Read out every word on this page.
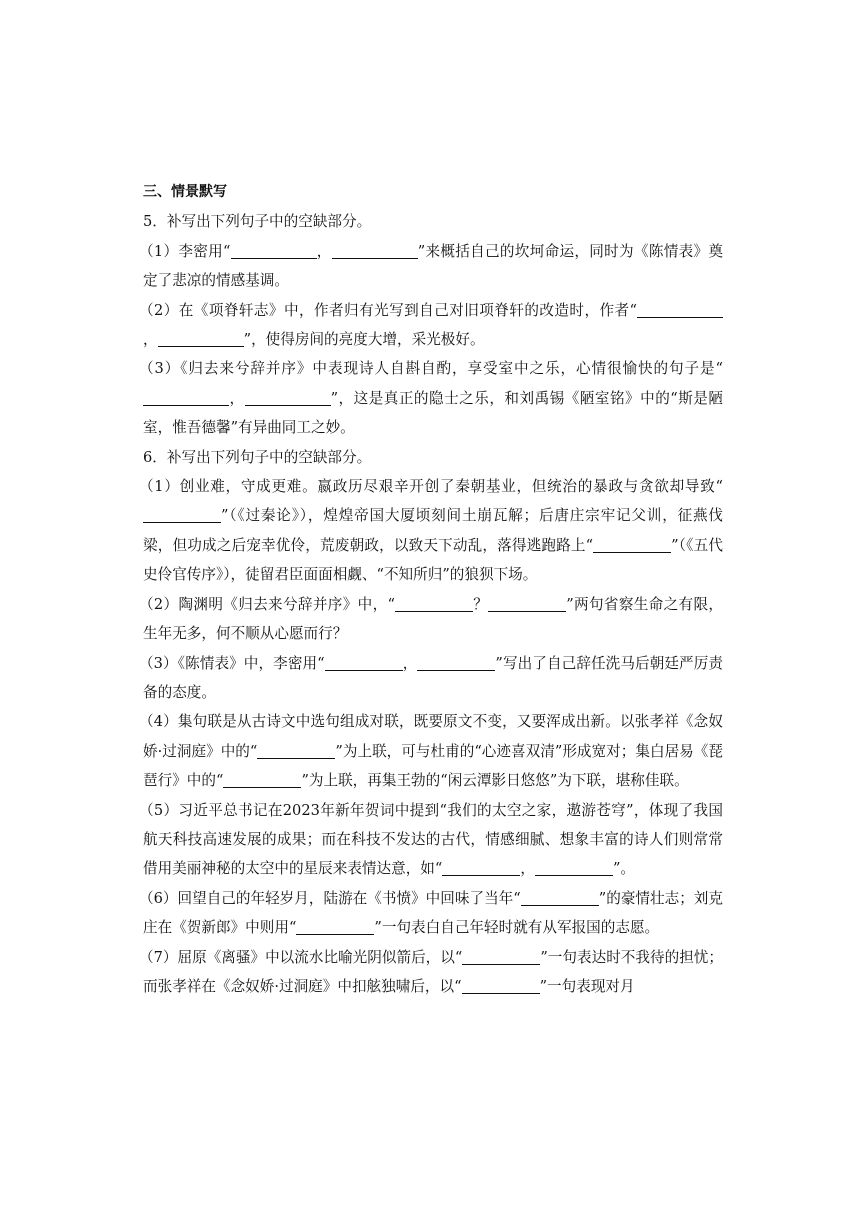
三、情景默写
5．补写出下列句子中的空缺部分。
（1）李密用“	，	”来概括自己的坎坷命运，同时为《陈情表》奠定了悲凉的情感基调。
（2）在《项脊轩志》中，作者归有光写到自己对旧项脊轩的改造时，作者“，	”，使得房间的亮度大增，采光极好。
（3）《归去来兮辞并序》中表现诗人自斟自酌，享受室中之乐，心情很愉快的句子是“，	”，这是真正的隐士之乐，和刘禹锡《陋室铭》中的“斯是陋室，惟吾德馨”有异曲同工之妙。
6．补写出下列句子中的空缺部分。
（1）创业难，守成更难。嬴政历尽艰辛开创了秦朝基业，但统治的暴政与贪欲却导致“”（《过秦论》），煌煌帝国大厦顷刻间土崩瓦解；后唐庄宗牢记父训，征燕伐梁，但功成之后宠幸优伶，荒废朝政，以致天下动乱，落得逃跑路上“	”（《五代史伶官传序》），徒留君臣面面相觑、“不知所归”的狼狈下场。
（2）陶渊明《归去来兮辞并序》中，“	？	”两句省察生命之有限，生年无多，何不顺从心愿而行？
（3）《陈情表》中，李密用“	，	”写出了自己辞任洗马后朝廷严厉责备的态度。
（4）集句联是从古诗文中选句组成对联，既要原文不变，又要浑成出新。以张孝祥《念奴娇·过洞庭》中的“	”为上联，可与杜甫的“心迹喜双清”形成宽对；集白居易《琵琶行》中的“	”为上联，再集王勃的“闲云潭影日悠悠”为下联，堪称佳联。
（5）习近平总书记在2023年新年贺词中提到“我们的太空之家，遨游苍穹”，体现了我国航天科技高速发展的成果；而在科技不发达的古代，情感细腻、想象丰富的诗人们则常常借用美丽神秘的太空中的星辰来表情达意，如“	，	”。
（6）回望自己的年轻岁月，陆游在《书愤》中回味了当年“	”的豪情壮志；刘克庄在《贺新郎》中则用“	”一句表白自己年轻时就有从军报国的志愿。
（7）屈原《离骚》中以流水比喻光阴似箭后，以“	”一句表达时不我待的担忧；而张孝祥在《念奴娇·过洞庭》中扣舷独啸后，以“	”一句表现对月
